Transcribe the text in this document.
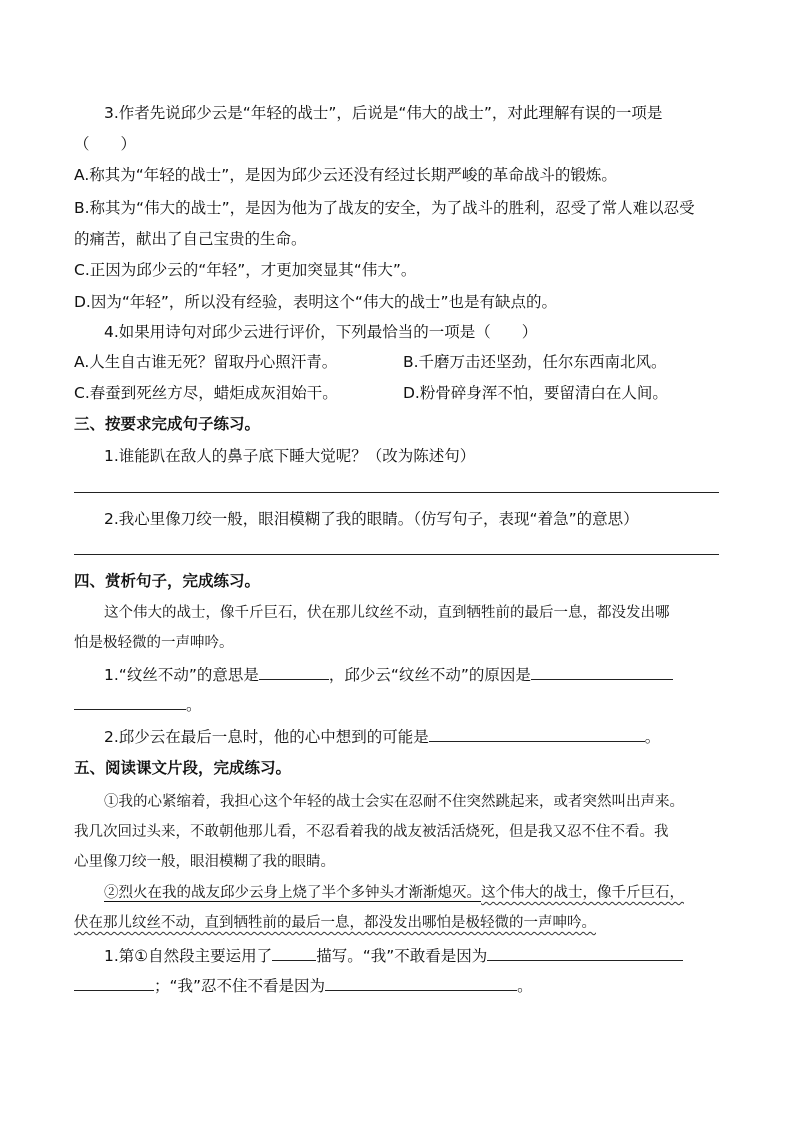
3.作者先说邱少云是“年轻的战士”，后说是“伟大的战士”，对此理解有误的一项是
（　　）
A.称其为“年轻的战士”，是因为邱少云还没有经过长期严峻的革命战斗的锻炼。
B.称其为“伟大的战士”，是因为他为了战友的安全，为了战斗的胜利，忍受了常人难以忍受
的痛苦，献出了自己宝贵的生命。
C.正因为邱少云的“年轻”，才更加突显其“伟大”。
D.因为“年轻”，所以没有经验，表明这个“伟大的战士”也是有缺点的。
4.如果用诗句对邱少云进行评价，下列最恰当的一项是（　　）
A.人生自古谁无死？留取丹心照汗青。	B.千磨万击还坚劲，任尔东西南北风。
C.春蚕到死丝方尽，蜡炬成灰泪始干。	D.粉骨碎身浑不怕，要留清白在人间。
三、按要求完成句子练习。
1.谁能趴在敌人的鼻子底下睡大觉呢？（改为陈述句）
2.我心里像刀绞一般，眼泪模糊了我的眼睛。（仿写句子，表现“着急”的意思）
四、赏析句子，完成练习。
这个伟大的战士，像千斤巨石，伏在那儿纹丝不动，直到牺牲前的最后一息，都没发出哪
怕是极轻微的一声呻吟。
1.“纹丝不动”的意思是	，邱少云“纹丝不动”的原因是
。
2.邱少云在最后一息时，他的心中想到的可能是	。
五、阅读课文片段，完成练习。
①我的心紧缩着，我担心这个年轻的战士会实在忍耐不住突然跳起来，或者突然叫出声来。
我几次回过头来，不敢朝他那儿看，不忍看着我的战友被活活烧死，但是我又忍不住不看。我
心里像刀绞一般，眼泪模糊了我的眼睛。
②烈火在我的战友邱少云身上烧了半个多钟头才渐渐熄灭。这个伟大的战士，像千斤巨石，
伏在那儿纹丝不动，直到牺牲前的最后一息，都没发出哪怕是极轻微的一声呻吟。
1.第①自然段主要运用了	描写。“我”不敢看是因为
；“我”忍不住不看是因为	。
